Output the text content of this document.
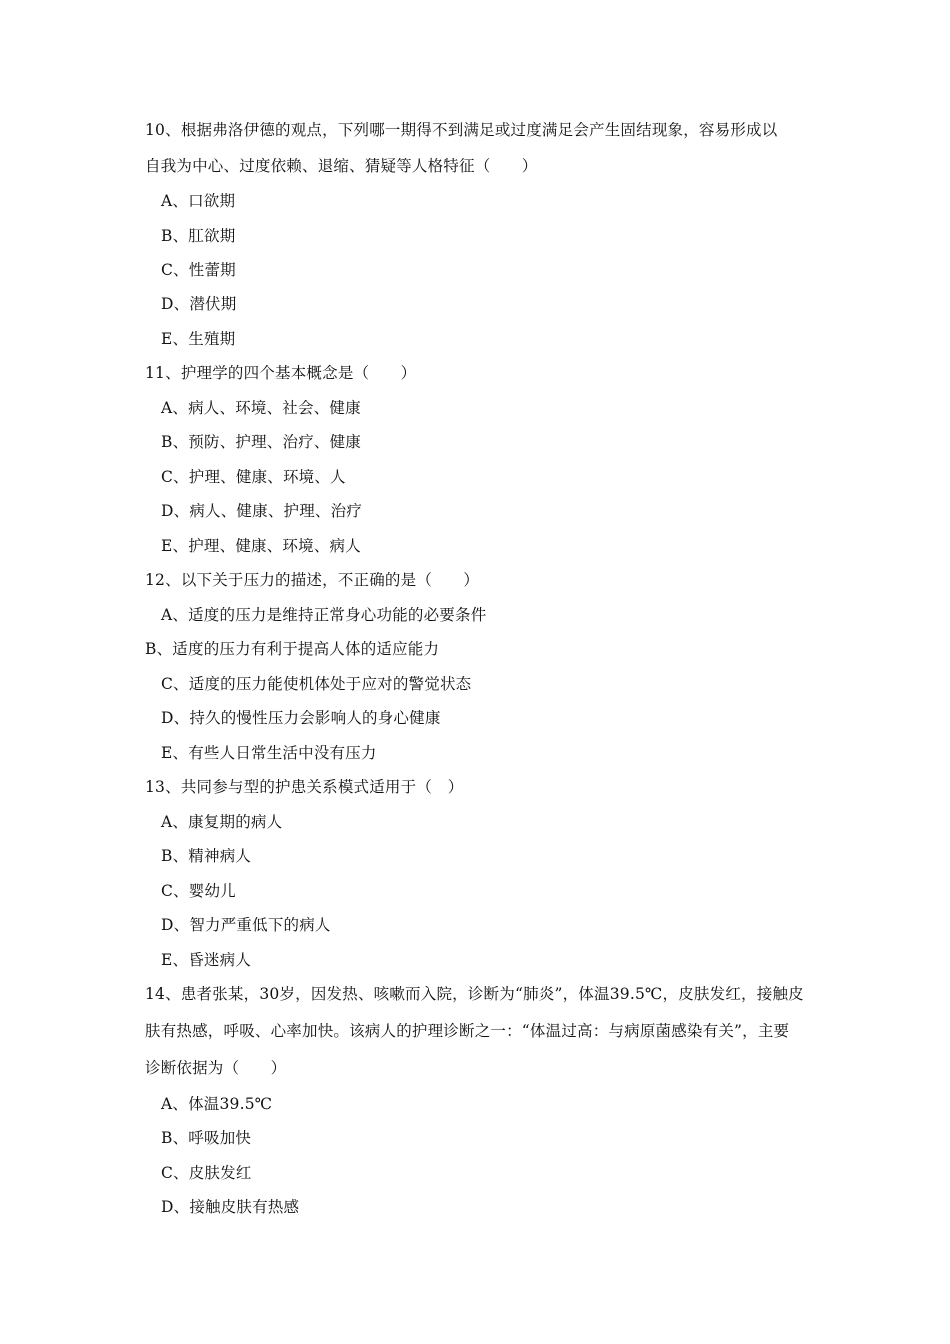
10、根据弗洛伊德的观点，下列哪一期得不到满足或过度满足会产生固结现象，容易形成以
自我为中心、过度依赖、退缩、猜疑等人格特征（　　）
A、口欲期
B、肛欲期
C、性蕾期
D、潜伏期
E、生殖期
11、护理学的四个基本概念是（　　）
A、病人、环境、社会、健康
B、预防、护理、治疗、健康
C、护理、健康、环境、人
D、病人、健康、护理、治疗
E、护理、健康、环境、病人
12、以下关于压力的描述，不正确的是（　　）
A、适度的压力是维持正常身心功能的必要条件
B、适度的压力有利于提高人体的适应能力
C、适度的压力能使机体处于应对的警觉状态
D、持久的慢性压力会影响人的身心健康
E、有些人日常生活中没有压力
13、共同参与型的护患关系模式适用于（　）
A、康复期的病人
B、精神病人
C、婴幼儿
D、智力严重低下的病人
E、昏迷病人
14、患者张某，30岁，因发热、咳嗽而入院，诊断为“肺炎”，体温39.5℃，皮肤发红，接触皮
肤有热感，呼吸、心率加快。该病人的护理诊断之一：“体温过高：与病原菌感染有关”，主要
诊断依据为（　　）
A、体温39.5℃
B、呼吸加快
C、皮肤发红
D、接触皮肤有热感
